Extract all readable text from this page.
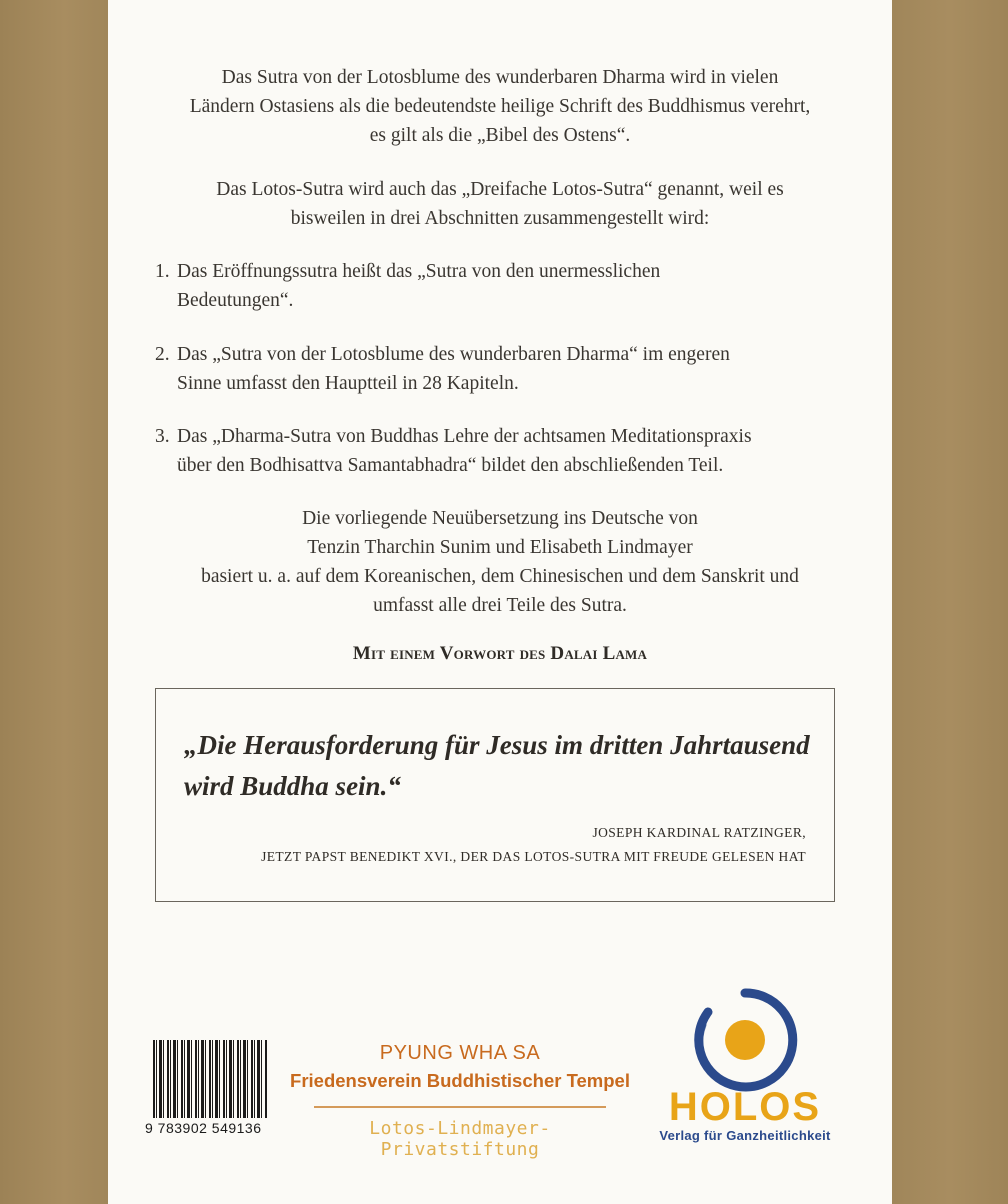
Das Sutra von der Lotosblume des wunderbaren Dharma wird in vielen
Ländern Ostasiens als die bedeutendste heilige Schrift des Buddhismus verehrt,
es gilt als die „Bibel des Ostens“.

Das Lotos-Sutra wird auch das „Dreifache Lotos-Sutra“ genannt, weil es
bisweilen in drei Abschnitten zusammengestellt wird:

1. Das Eröffnungssutra heißt das „Sutra von den unermesslichen
Bedeutungen“.
2. Das „Sutra von der Lotosblume des wunderbaren Dharma“ im engeren
Sinne umfasst den Hauptteil in 28 Kapiteln.
3. Das „Dharma-Sutra von Buddhas Lehre der achtsamen Meditationspraxis
über den Bodhisattva Samantabhadra“ bildet den abschließenden Teil.

Die vorliegende Neuübersetzung ins Deutsche von
Tenzin Tharchin Sunim und Elisabeth Lindmayer
basiert u. a. auf dem Koreanischen, dem Chinesischen und dem Sanskrit und
umfasst alle drei Teile des Sutra.

Mit einem Vorwort des Dalai Lama
„Die Herausforderung für Jesus im dritten Jahrtausend
wird Buddha sein.“
JOSEPH KARDINAL RATZINGER,
JETZT PAPST BENEDIKT XVI., DER DAS LOTOS-SUTRA MIT FREUDE GELESEN HAT
9 783902 549136
PYUNG WHA SA
Friedensverein Buddhistischer Tempel
Lotos-Lindmayer-Privatstiftung
HOLOS
Verlag für Ganzheitlichkeit
